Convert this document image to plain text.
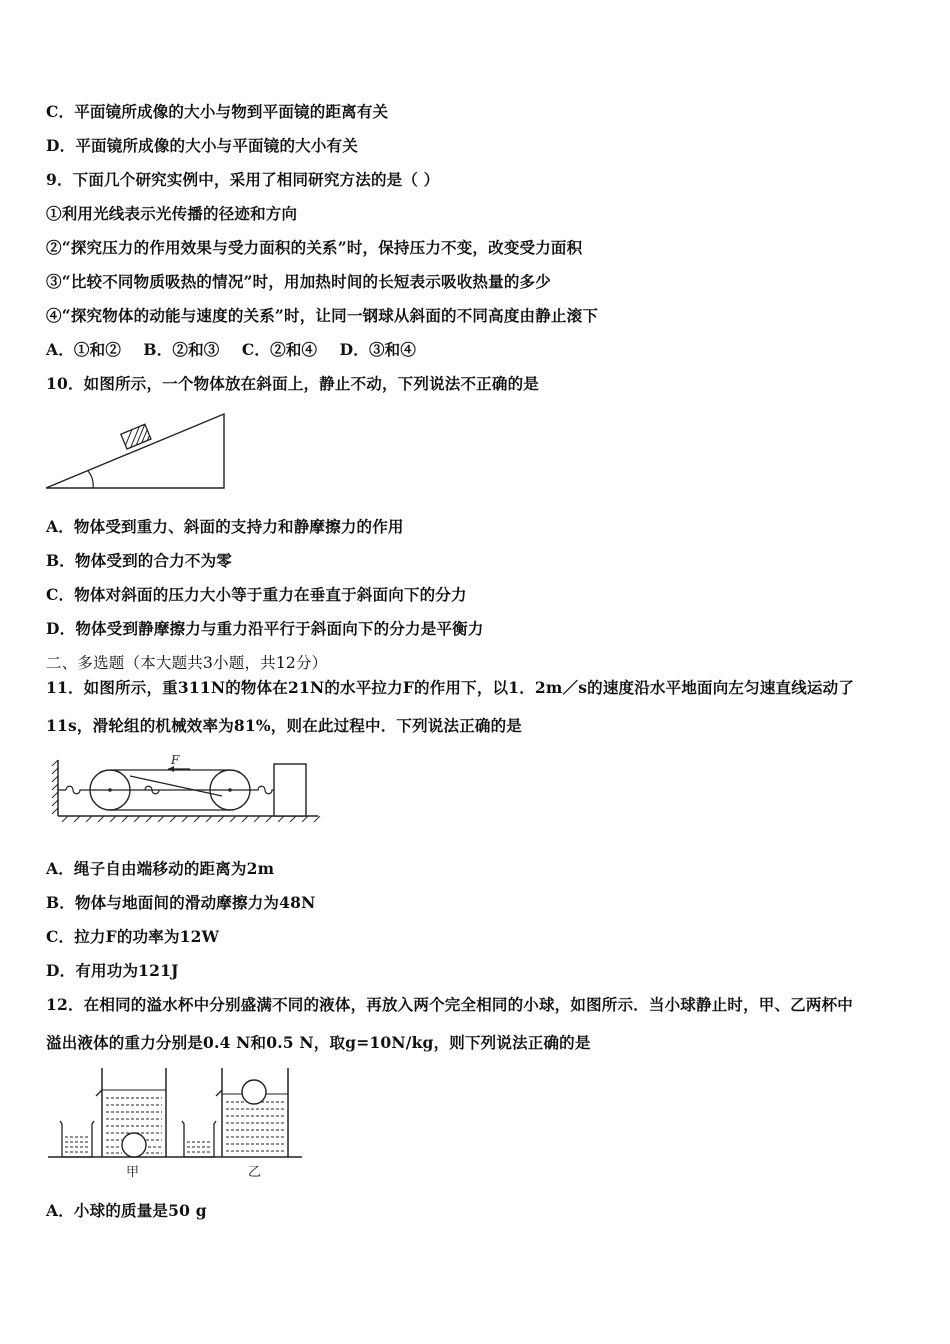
C．平面镜所成像的大小与物到平面镜的距离有关
D．平面镜所成像的大小与平面镜的大小有关
9．下面几个研究实例中，采用了相同研究方法的是（ ）
①利用光线表示光传播的径迹和方向
②“探究压力的作用效果与受力面积的关系”时，保持压力不变，改变受力面积
③“比较不同物质吸热的情况”时，用加热时间的长短表示吸收热量的多少
④“探究物体的动能与速度的关系”时，让同一钢球从斜面的不同高度由静止滚下
A．①和②    B．②和③    C．②和④    D．③和④
10．如图所示，一个物体放在斜面上，静止不动，下列说法不正确的是
A．物体受到重力、斜面的支持力和静摩擦力的作用
B．物体受到的合力不为零
C．物体对斜面的压力大小等于重力在垂直于斜面向下的分力
D．物体受到静摩擦力与重力沿平行于斜面向下的分力是平衡力
二、多选题（本大题共3小题，共12分）
11．如图所示，重311N的物体在21N的水平拉力F的作用下，以1．2m／s的速度沿水平地面向左匀速直线运动了
11s，滑轮组的机械效率为81%，则在此过程中．下列说法正确的是
F
A．绳子自由端移动的距离为2m
B．物体与地面间的滑动摩擦力为48N
C．拉力F的功率为12W
D．有用功为121J
12．在相同的溢水杯中分别盛满不同的液体，再放入两个完全相同的小球，如图所示．当小球静止时，甲、乙两杯中
溢出液体的重力分别是0.4 N和0.5 N，取g=10N/kg，则下列说法正确的是
甲	乙
A．小球的质量是50 g
